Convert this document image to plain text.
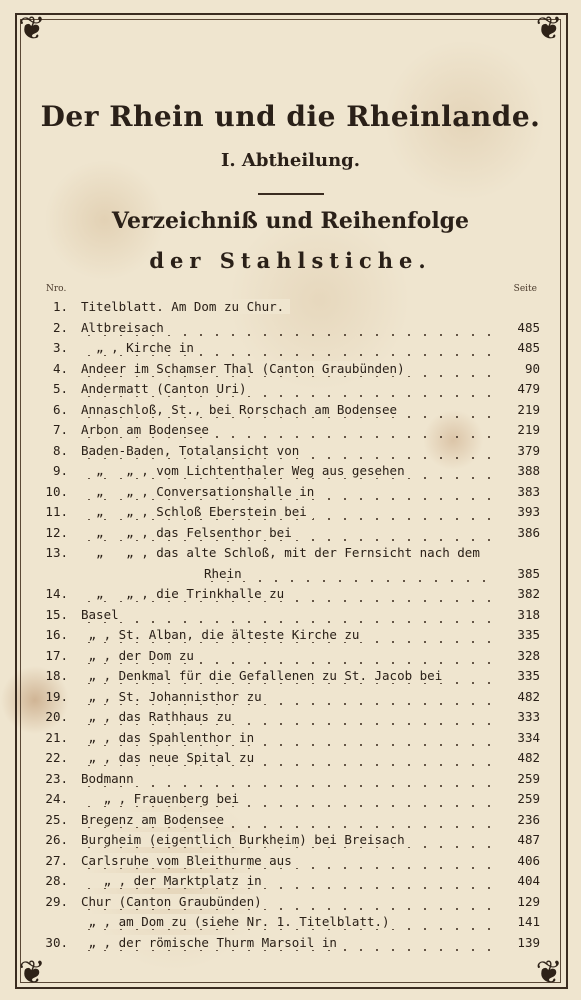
❦	❦
❦	❦
Der Rhein und die Rheinlande.
I. Abtheilung.
Verzeichniß und Reihenfolge
der Stahlstiche.
Nro.	Seite
1. Titelblatt. Am Dom zu Chur.
2. Altbreisach	485
3. „ , Kirche in	485
4. Andeer im Schamser Thal (Canton Graubünden)	90
5. Andermatt (Canton Uri)	479
6. Annaschloß, St., bei Rorschach am Bodensee	219
7. Arbon am Bodensee	219
8. Baden-Baden, Totalansicht von	379
9. „   „ , vom Lichtenthaler Weg aus gesehen	388
10. „   „ , Conversationshalle in	383
11. „   „ , Schloß Eberstein bei	393
12. „   „ , das Felsenthor bei	386
13. „   „ , das alte Schloß, mit der Fernsicht nach dem
Rhein	385
14. „   „ , die Trinkhalle zu	382
15. Basel	318
16. „ , St. Alban, die älteste Kirche zu	335
17. „ , der Dom zu	328
18. „ , Denkmal für die Gefallenen zu St. Jacob bei	335
19. „ , St. Johannisthor zu	482
20. „ , das Rathhaus zu	333
21. „ , das Spahlenthor in	334
22. „ , das neue Spital zu	482
23. Bodmann	259
24. „ , Frauenberg bei	259
25. Bregenz am Bodensee	236
26. Burgheim (eigentlich Burkheim) bei Breisach	487
27. Carlsruhe vom Bleithurme aus	406
28. „ , der Marktplatz in	404
29. Chur (Canton Graubünden)	129
„ , am Dom zu (siehe Nr. 1. Titelblatt.)	141
30. „ , der römische Thurm Marsoil in	139
